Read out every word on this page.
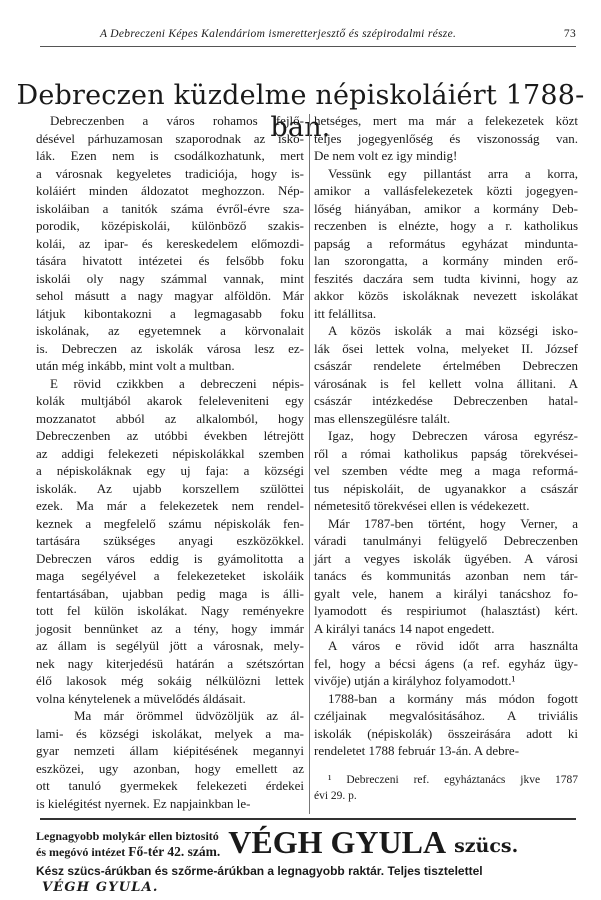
A Debreczeni Képes Kalendáriom ismeretterjesztő és szépirodalmi része.	73
Debreczen küzdelme népiskoláiért 1788-ban.
Debreczenben a város rohamos fejlő-
désével párhuzamosan szaporodnak az isko-
lák. Ezen nem is csodálkozhatunk, mert
a városnak kegyeletes tradiciója, hogy is-
koláiért minden áldozatot meghozzon. Nép-
iskoláiban a tanitók száma évről-évre sza-
porodik, középiskolái, különböző szakis-
kolái, az ipar- és kereskedelem előmozdi-
tására hivatott intézetei és felsőbb foku
iskolái oly nagy számmal vannak, mint
sehol másutt a nagy magyar alföldön. Már
látjuk kibontakozni a legmagasabb foku
iskolának, az egyetemnek a körvonalait
is. Debreczen az iskolák városa lesz ez-
után még inkább, mint volt a multban.
E rövid czikkben a debreczeni népis-
kolák multjából akarok feleleveniteni egy
mozzanatot abból az alkalomból, hogy
Debreczenben az utóbbi években létrejött
az addigi felekezeti népiskolákkal szemben
a népiskoláknak egy uj faja: a községi
iskolák. Az ujabb korszellem szülöttei
ezek. Ma már a felekezetek nem rendel-
keznek a megfelelő számu népiskolák fen-
tartására szükséges anyagi eszközökkel.
Debreczen város eddig is gyámolitotta a
maga segélyével a felekezeteket iskoláik
fentartásában, ujabban pedig maga is álli-
tott fel külön iskolákat. Nagy reményekre
jogosit bennünket az a tény, hogy immár
az állam is segélyül jött a városnak, mely-
nek nagy kiterjedésü határán a szétszórtan
élő lakosok még sokáig nélkülözni lettek
volna kénytelenek a müvelődés áldásait.
Ma már örömmel üdvözöljük az ál-
lami- és községi iskolákat, melyek a ma-
gyar nemzeti állam kiépitésének megannyi
eszközei, ugy azonban, hogy emellett az
ott tanuló gyermekek felekezeti érdekei
is kielégitést nyernek. Ez napjainkban le-
hetséges, mert ma már a felekezetek közt
teljes jogegyenlőség és viszonosság van.
De nem volt ez igy mindig!
Vessünk egy pillantást arra a korra,
amikor a vallásfelekezetek közti jogegyen-
lőség hiányában, amikor a kormány Deb-
reczenben is elnézte, hogy a r. katholikus
papság a református egyházat minduntа-
lan szorongatta, a kormány minden erő-
feszités daczára sem tudta kivinni, hogy az
akkor közös iskoláknak nevezett iskolákat
itt felállitsa.
A közös iskolák a mai községi isko-
lák ősei lettek volna, melyeket II. József
császár rendelete értelmében Debreczen
városának is fel kellett volna állitani. A
császár intézkedése Debreczenben hatal-
mas ellenszegülésre talált.
Igaz, hogy Debreczen városa egyrész-
ről a római katholikus papság törekvései-
vel szemben védte meg a maga reformá-
tus népiskoláit, de ugyanakkor a császár
németesitő törekvései ellen is védekezett.
Már 1787-ben történt, hogy Verner, a
váradi tanulmányi felügyelő Debreczenben
járt a vegyes iskolák ügyében. A városi
tanács és kommunitás azonban nem tár-
gyalt vele, hanem a királyi tanácshoz fo-
lyamodott és respiriumot (halasztást) kért.
A királyi tanács 14 napot engedett.
A város e rövid időt arra használta
fel, hogy a bécsi ágens (a ref. egyház ügy-
vivője) utján a királyhoz folyamodott.¹
1788-ban a kormány más módon fogott
czéljainak megvalósitásához. A triviális
iskolák (népiskolák) összeirására adott ki
rendeletet 1788 február 13-án. A debre-
¹ Debreczeni ref. egyháztanács jkve 1787
évi 29. p.
Legnagyobb molykár ellen biztositó
és megóvó intézet Fő-tér 42. szám. VÉGH GYULA szücs.
Kész szücs-árúkban és szőrme-árúkban a legnagyobb raktár. Teljes tisztelettel VÉGH GYULA.
